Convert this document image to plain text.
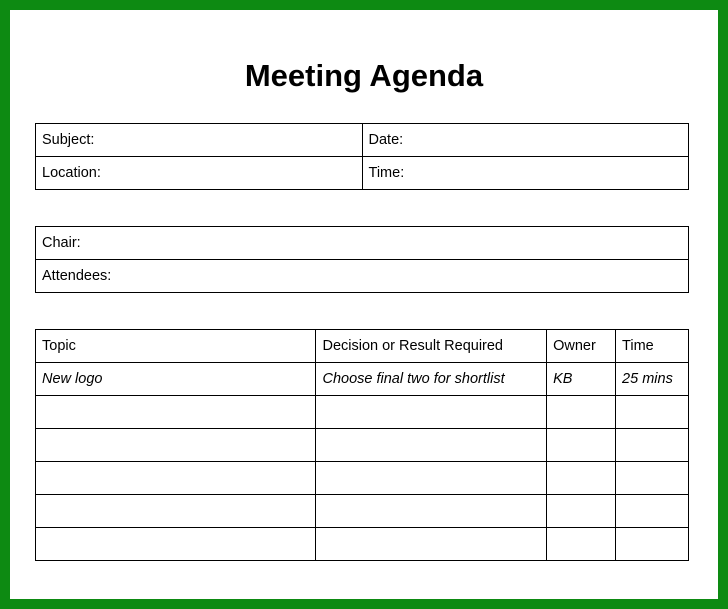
Meeting Agenda
Subject:	Date:
Location:	Time:
Chair:
Attendees:
Topic	Decision or Result Required	Owner	Time
New logo	Choose final two for shortlist	KB	25 mins
